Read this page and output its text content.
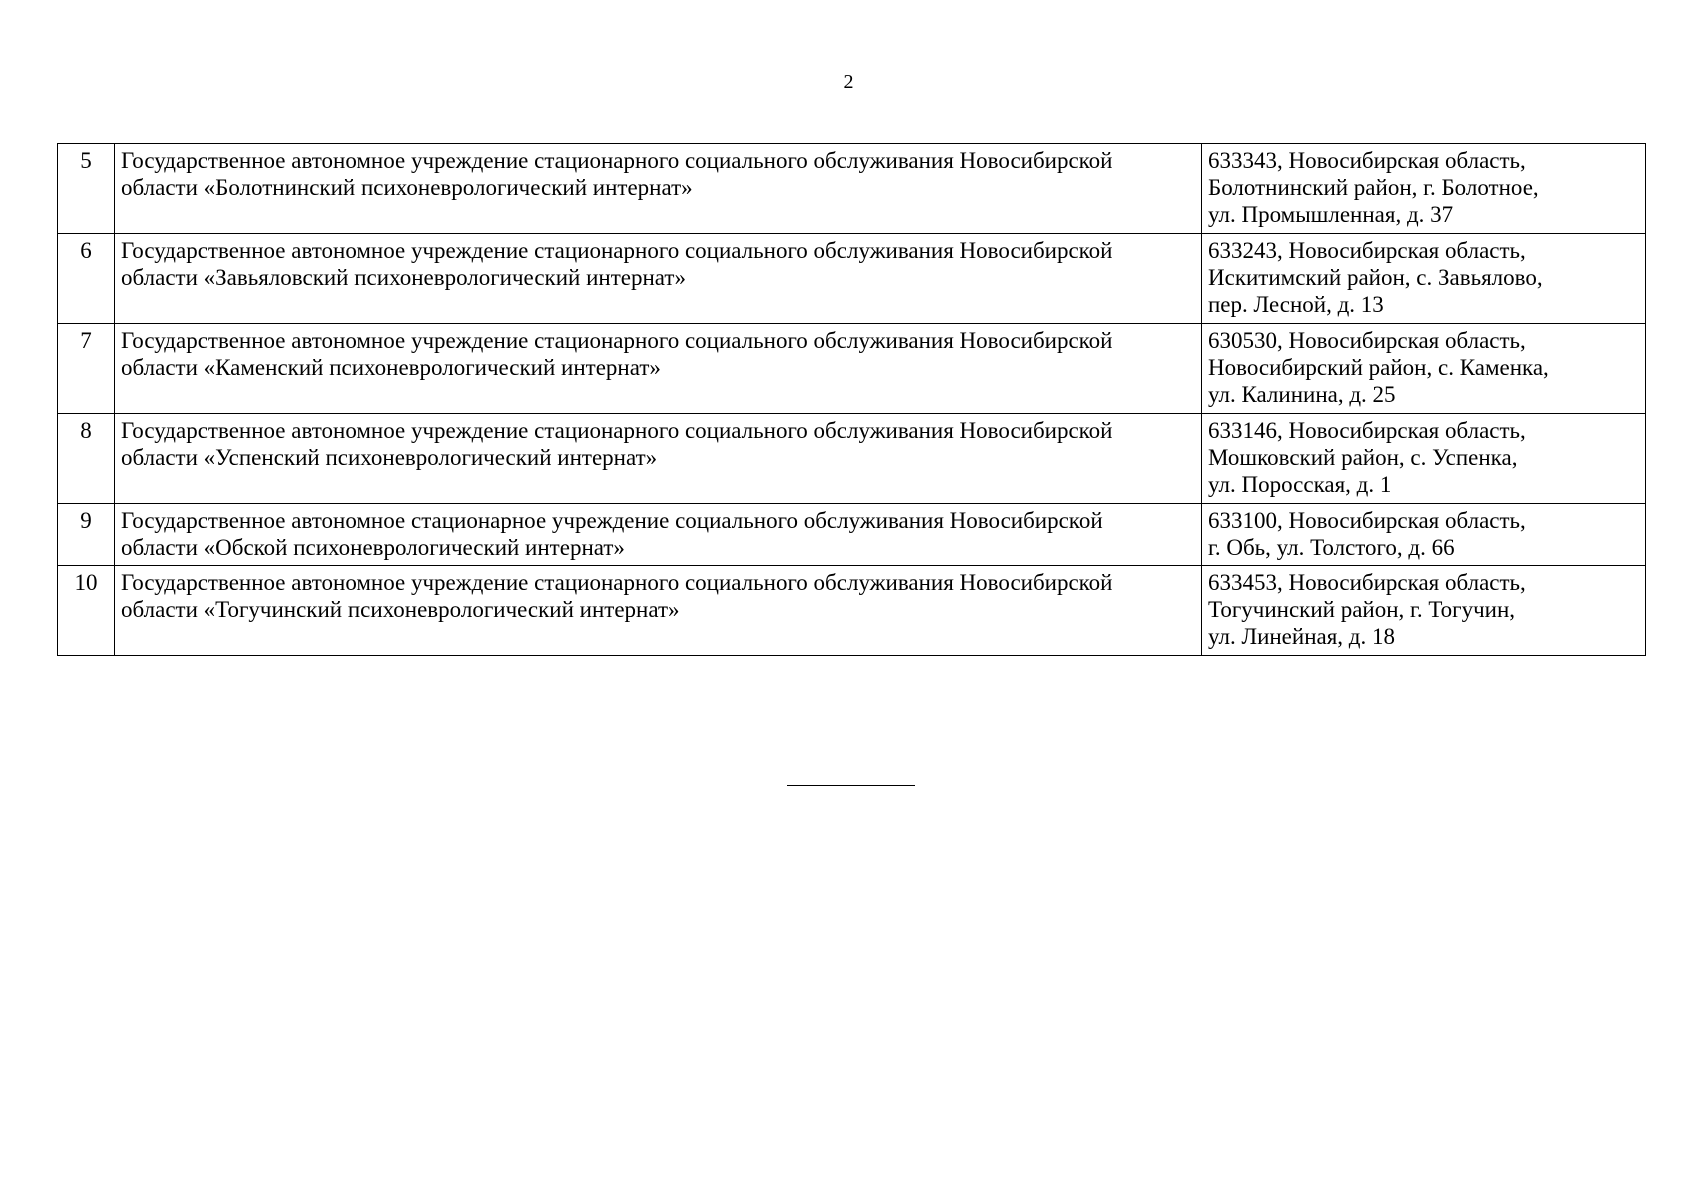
2
5	Государственное автономное учреждение стационарного социального обслуживания Новосибирской
области «Болотнинский психоневрологический интернат»	633343, Новосибирская область,
Болотнинский район, г. Болотное,
ул. Промышленная, д. 37

6	Государственное автономное учреждение стационарного социального обслуживания Новосибирской
области «Завьяловский психоневрологический интернат»	633243, Новосибирская область,
Искитимский район, с. Завьялово,
пер. Лесной, д. 13

7	Государственное автономное учреждение стационарного социального обслуживания Новосибирской
области «Каменский психоневрологический интернат»	630530, Новосибирская область,
Новосибирский район, с. Каменка,
ул. Калинина, д. 25

8	Государственное автономное учреждение стационарного социального обслуживания Новосибирской
области «Успенский психоневрологический интернат»	633146, Новосибирская область,
Мошковский район, с. Успенка,
ул. Поросская, д. 1

9	Государственное автономное стационарное учреждение социального обслуживания Новосибирской
области «Обской психоневрологический интернат»	633100, Новосибирская область,
г. Обь, ул. Толстого, д. 66

10	Государственное автономное учреждение стационарного социального обслуживания Новосибирской
области «Тогучинский психоневрологический интернат»	633453, Новосибирская область,
Тогучинский район, г. Тогучин,
ул. Линейная, д. 18
